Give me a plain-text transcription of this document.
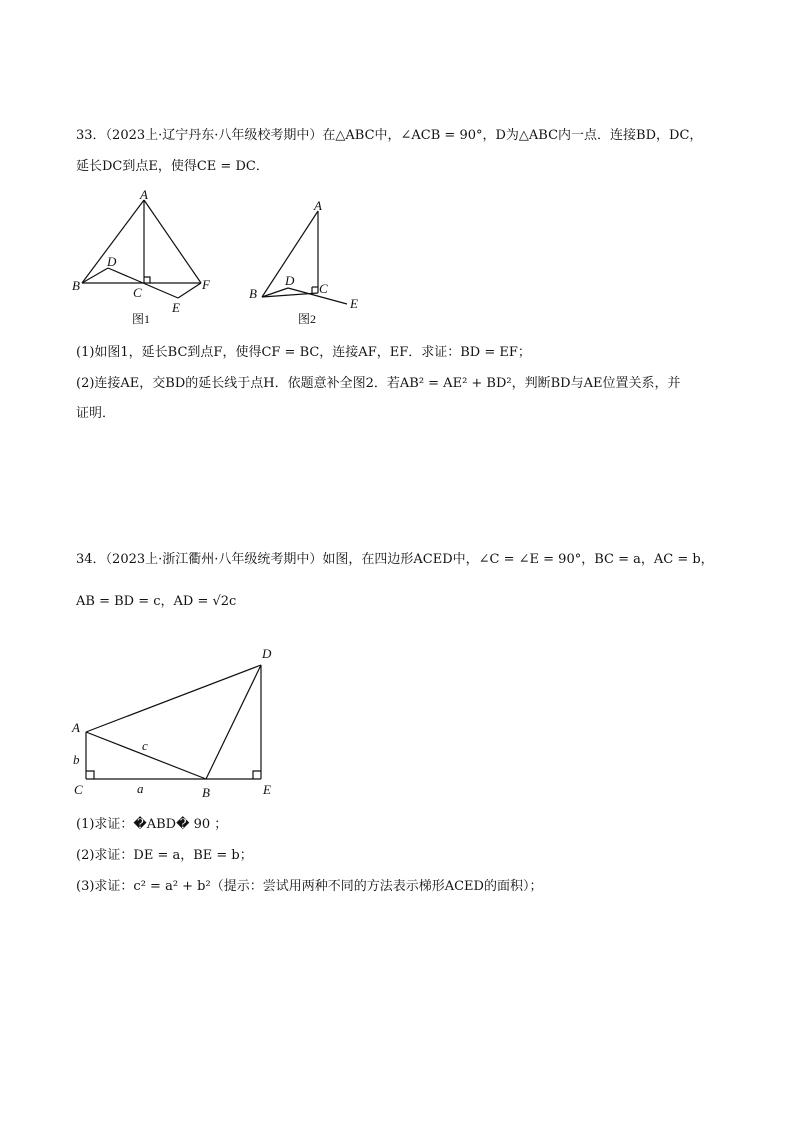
33．（2023上·辽宁丹东·八年级校考期中）在△ABC中，∠ACB = 90°，D为△ABC内一点．连接BD，DC，
延长DC到点E，使得CE = DC．
A
B	C
D
E
F
图1
A
B	C
D
E
图2
(1)如图1，延长BC到点F，使得CF = BC，连接AF，EF．求证：BD = EF；
(2)连接AE，交BD的延长线于点H．依题意补全图2．若AB² = AE² + BD²，判断BD与AE位置关系，并
证明．
34．（2023上·浙江衢州·八年级统考期中）如图，在四边形ACED中，∠C = ∠E = 90°，BC = a，AC = b，
AB = BD = c，AD = √2c
A
B
C
D
E
a
b
c
(1)求证：�ABD� 90 ；
(2)求证：DE = a，BE = b；
(3)求证：c² = a² + b²（提示：尝试用两种不同的方法表示梯形ACED的面积）；
